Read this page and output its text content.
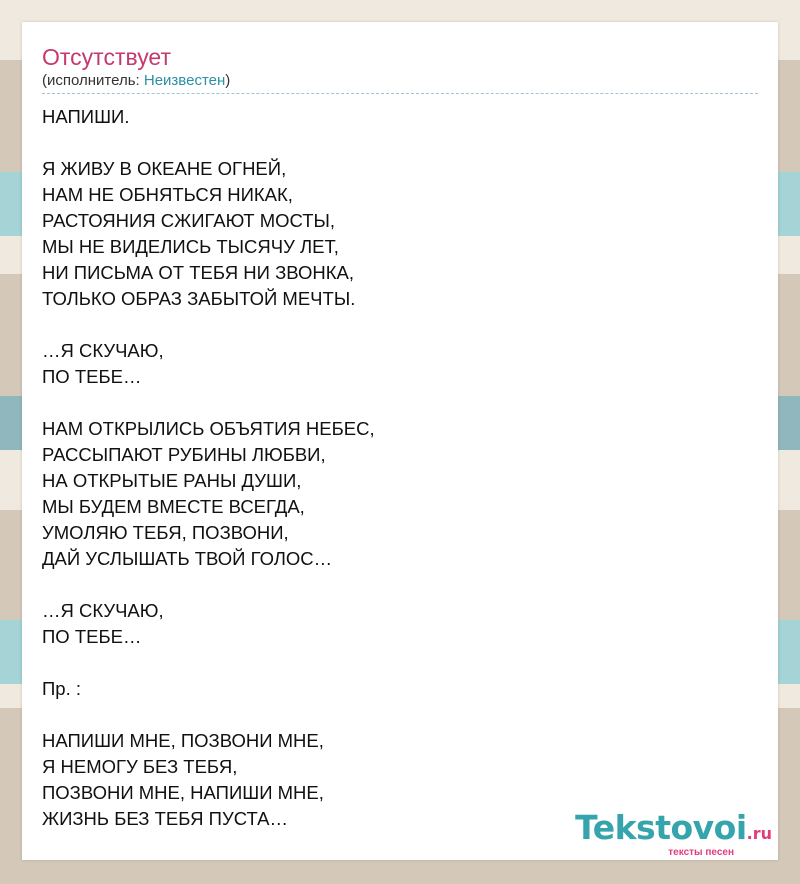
Отсутствует
(исполнитель: Неизвестен)
НАПИШИ.

Я ЖИВУ В ОКЕАНЕ ОГНЕЙ,
НАМ НЕ ОБНЯТЬСЯ НИКАК,
РАСТОЯНИЯ СЖИГАЮТ МОСТЫ,
МЫ НЕ ВИДЕЛИСЬ ТЫСЯЧУ ЛЕТ,
НИ ПИСЬМА ОТ ТЕБЯ НИ ЗВОНКА,
ТОЛЬКО ОБРАЗ ЗАБЫТОЙ МЕЧТЫ.

…Я СКУЧАЮ,
ПО ТЕБЕ…

НАМ ОТКРЫЛИСЬ ОБЪЯТИЯ НЕБЕС,
РАССЫПАЮТ РУБИНЫ ЛЮБВИ,
НА ОТКРЫТЫЕ РАНЫ ДУШИ,
МЫ БУДЕМ ВМЕСТЕ ВСЕГДА,
УМОЛЯЮ ТЕБЯ, ПОЗВОНИ,
ДАЙ УСЛЫШАТЬ ТВОЙ ГОЛОС…

…Я СКУЧАЮ,
ПО ТЕБЕ…

Пр. :

НАПИШИ МНЕ, ПОЗВОНИ МНЕ,
Я НЕМОГУ БЕЗ ТЕБЯ,
ПОЗВОНИ МНЕ, НАПИШИ МНЕ,
ЖИЗНЬ БЕЗ ТЕБЯ ПУСТА…	Tekstovoi.ru
тексты песен
